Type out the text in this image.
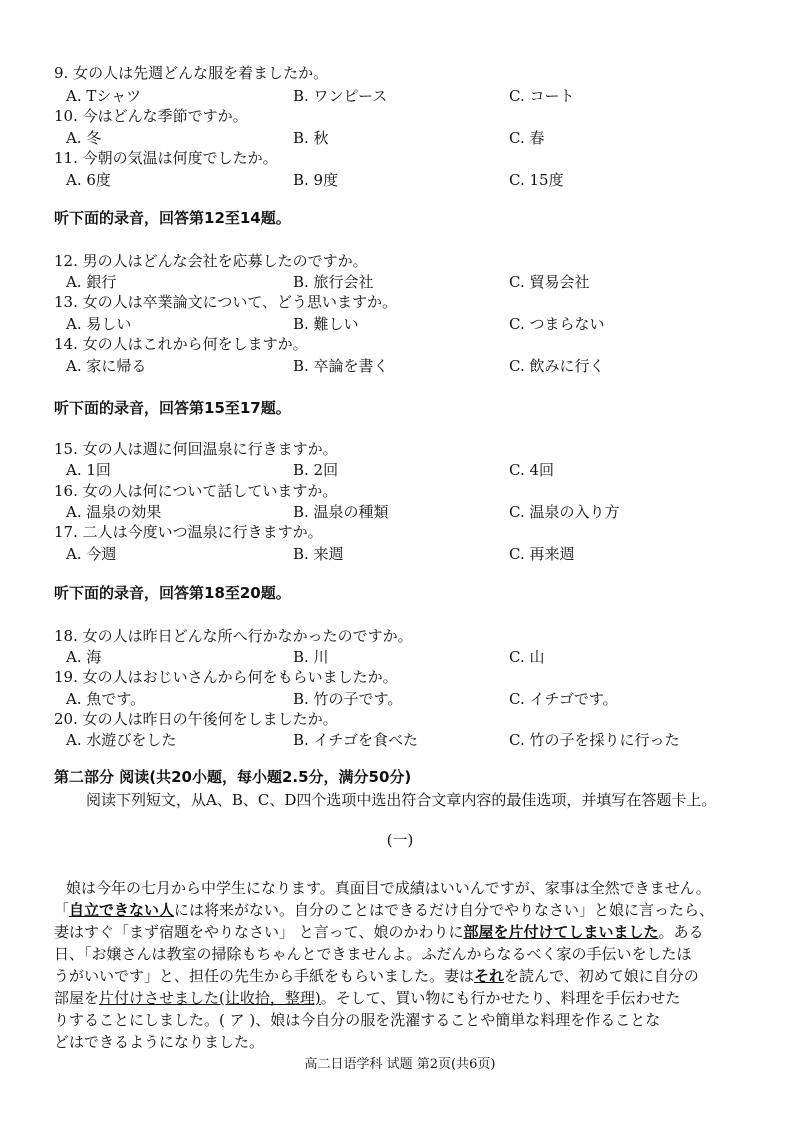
9. 女の人は先週どんな服を着ましたか。
A. Tシャツ	B. ワンピース	C. コート
10. 今はどんな季節ですか。
A. 冬	B. 秋	C. 春
11. 今朝の気温は何度でしたか。
A. 6度	B. 9度	C. 15度
听下面的录音，回答第12至14题。
12. 男の人はどんな会社を応募したのですか。
A. 銀行	B. 旅行会社	C. 貿易会社
13. 女の人は卒業論文について、どう思いますか。
A. 易しい	B. 難しい	C. つまらない
14. 女の人はこれから何をしますか。
A. 家に帰る	B. 卒論を書く	C. 飲みに行く
听下面的录音，回答第15至17题。
15. 女の人は週に何回温泉に行きますか。
A. 1回	B. 2回	C. 4回
16. 女の人は何について話していますか。
A. 温泉の効果	B. 温泉の種類	C. 温泉の入り方
17. 二人は今度いつ温泉に行きますか。
A. 今週	B. 来週	C. 再来週
听下面的录音，回答第18至20题。
18. 女の人は昨日どんな所へ行かなかったのですか。
A. 海	B. 川	C. 山
19. 女の人はおじいさんから何をもらいましたか。
A. 魚です。	B. 竹の子です。	C. イチゴです。
20. 女の人は昨日の午後何をしましたか。
A. 水遊びをした	B. イチゴを食べた	C. 竹の子を採りに行った
第二部分 阅读(共20小题，每小题2.5分，满分50分)
阅读下列短文，从A、B、C、D四个选项中选出符合文章内容的最佳选项，并填写在答题卡上。
(一)
娘は今年の七月から中学生になります。真面目で成績はいいんですが、家事は全然できません。
「自立できない人には将来がない。自分のことはできるだけ自分でやりなさい」と娘に言ったら、
妻はすぐ「まず宿題をやりなさい」 と言って、娘のかわりに部屋を片付けてしまいました。ある
日、「お嬢さんは教室の掃除もちゃんとできませんよ。ふだんからなるべく家の手伝いをしたほ
うがいいです」と、担任の先生から手紙をもらいました。妻はそれを読んで、初めて娘に自分の
部屋を片付けさせました(让收拾，整理)。そして、買い物にも行かせたり、料理を手伝わせた
りすることにしました。( ア )、娘は今自分の服を洗濯することや簡単な料理を作ることな
どはできるようになりました。
高二日语学科 试题 第2页(共6页)
